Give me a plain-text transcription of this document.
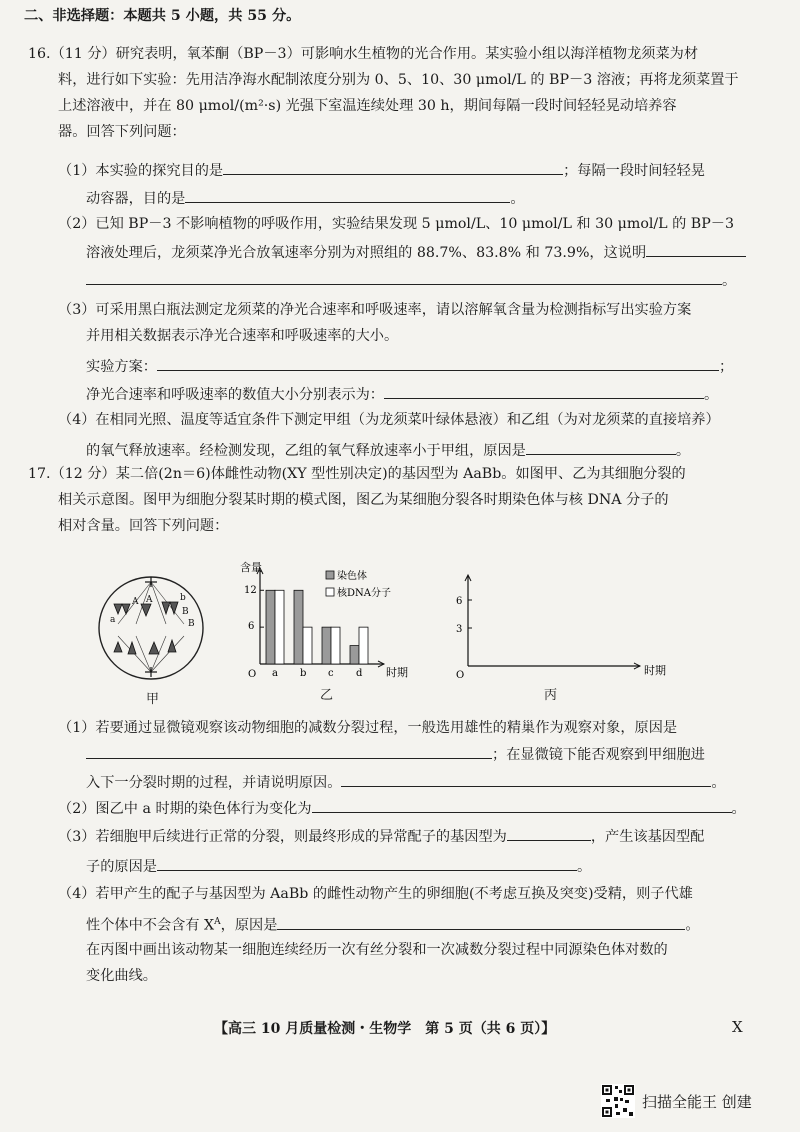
二、非选择题：本题共 5 小题，共 55 分。
16.（11 分）研究表明，氧苯酮（BP－3）可影响水生植物的光合作用。某实验小组以海洋植物龙须菜为材
料，进行如下实验：先用洁净海水配制浓度分别为 0、5、10、30 μmol/L 的 BP－3 溶液；再将龙须菜置于
上述溶液中，并在 80 μmol/(m²·s) 光强下室温连续处理 30 h，期间每隔一段时间轻轻晃动培养容
器。回答下列问题：
（1）本实验的探究目的是	；每隔一段时间轻轻晃
动容器，目的是	。
（2）已知 BP－3 不影响植物的呼吸作用，实验结果发现 5 μmol/L、10 μmol/L 和 30 μmol/L 的 BP－3
溶液处理后，龙须菜净光合放氧速率分别为对照组的 88.7%、83.8% 和 73.9%，这说明
。
（3）可采用黑白瓶法测定龙须菜的净光合速率和呼吸速率，请以溶解氧含量为检测指标写出实验方案
并用相关数据表示净光合速率和呼吸速率的大小。
实验方案：	；
净光合速率和呼吸速率的数值大小分别表示为：	。
（4）在相同光照、温度等适宜条件下测定甲组（为龙须菜叶绿体悬液）和乙组（为对龙须菜的直接培养）
的氧气释放速率。经检测发现，乙组的氧气释放速率小于甲组，原因是	。
17.（12 分）某二倍(2n＝6)体雌性动物(XY 型性别决定)的基因型为 AaBb。如图甲、乙为其细胞分裂的
相关示意图。图甲为细胞分裂某时期的模式图，图乙为某细胞分裂各时期染色体与核 DNA 分子的
相对含量。回答下列问题：
a
A
A
B
b
B
甲
含量
12
6
O	时期
a b c d
染色体
核DNA分子
乙
6
3
O	时期
丙
（1）若要通过显微镜观察该动物细胞的减数分裂过程，一般选用雄性的精巢作为观察对象，原因是
；在显微镜下能否观察到甲细胞进
入下一分裂时期的过程，并请说明原因。	。
（2）图乙中 a 时期的染色体行为变化为	。
（3）若细胞甲后续进行正常的分裂，则最终形成的异常配子的基因型为	，产生该基因型配
子的原因是	。
（4）若甲产生的配子与基因型为 AaBb 的雌性动物产生的卵细胞(不考虑互换及突变)受精，则子代雄
性个体中不会含有 $X^A$，原因是	。
在丙图中画出该动物某一细胞连续经历一次有丝分裂和一次减数分裂过程中同源染色体对数的
变化曲线。
【高三 10 月质量检测・生物学　第 5 页（共 6 页）】	X
扫描全能王 创建
